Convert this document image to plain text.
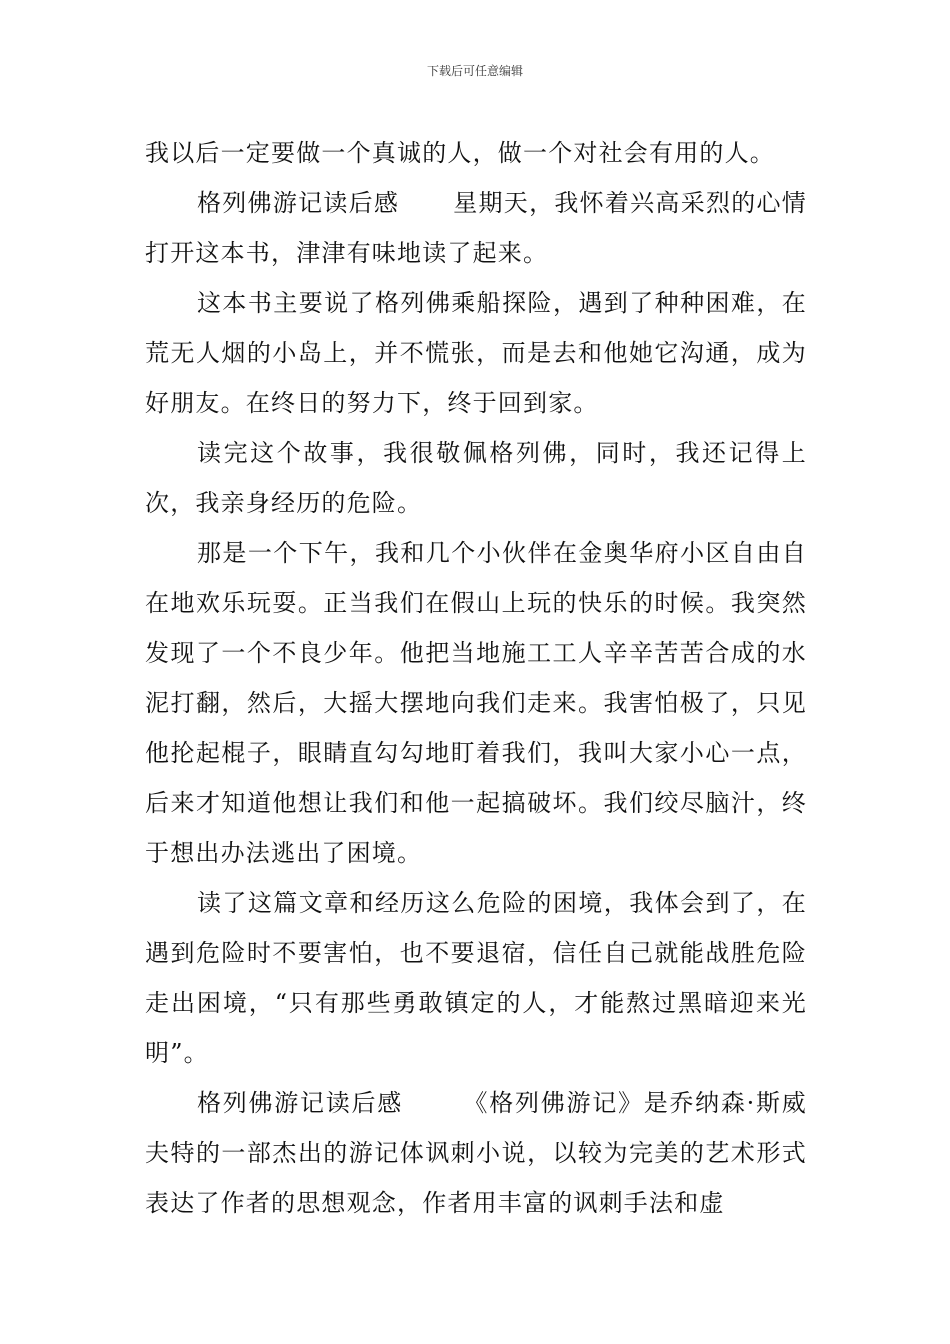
下载后可任意编辑

我以后一定要做一个真诚的人，做一个对社会有用的人。

格列佛游记读后感 星期天，我怀着兴高采烈的心情打开这本书，津津有味地读了起来。

这本书主要说了格列佛乘船探险，遇到了种种困难，在荒无人烟的小岛上，并不慌张，而是去和他她它沟通，成为好朋友。在终日的努力下，终于回到家。

读完这个故事，我很敬佩格列佛，同时，我还记得上次，我亲身经历的危险。

那是一个下午，我和几个小伙伴在金奥华府小区自由自在地欢乐玩耍。正当我们在假山上玩的快乐的时候。我突然发现了一个不良少年。他把当地施工工人辛辛苦苦合成的水泥打翻，然后，大摇大摆地向我们走来。我害怕极了，只见他抡起棍子，眼睛直勾勾地盯着我们，我叫大家小心一点，后来才知道他想让我们和他一起搞破坏。我们绞尽脑汁，终于想出办法逃出了困境。

读了这篇文章和经历这么危险的困境，我体会到了，在遇到危险时不要害怕，也不要退宿，信任自己就能战胜危险走出困境，“只有那些勇敢镇定的人，才能熬过黑暗迎来光明”。

格列佛游记读后感	《格列佛游记》是乔纳森·斯威夫特的一部杰出的游记体讽刺小说，以较为完美的艺术形式表达了作者的思想观念，作者用丰富的讽刺手法和虚
